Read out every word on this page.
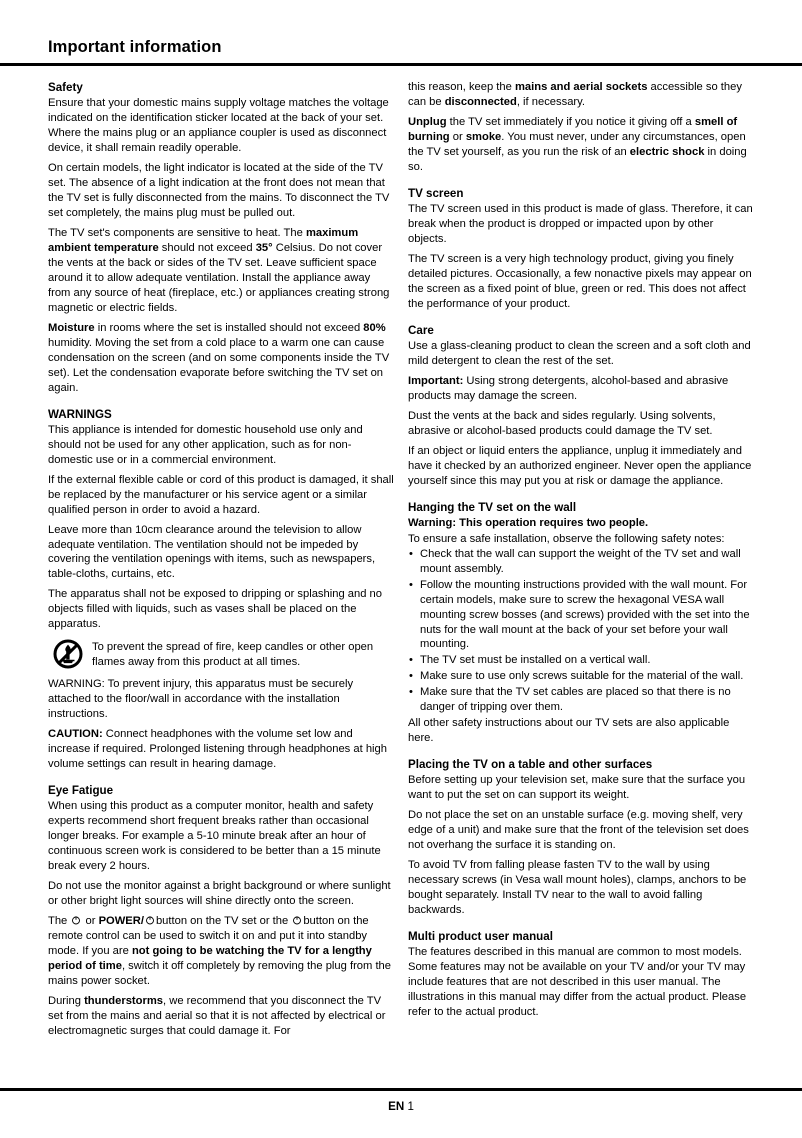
Important information
Safety

Ensure that your domestic mains supply voltage matches the voltage indicated on the identification sticker located at the back of your set. Where the mains plug or an appliance coupler is used as disconnect device, it shall remain readily operable.

On certain models, the light indicator is located at the side of the TV set. The absence of a light indication at the front does not mean that the TV set is fully disconnected from the mains. To disconnect the TV set completely, the mains plug must be pulled out.

The TV set's components are sensitive to heat. The maximum ambient temperature should not exceed 35° Celsius. Do not cover the vents at the back or sides of the TV set. Leave sufficient space around it to allow adequate ventilation. Install the appliance away from any source of heat (fireplace, etc.) or appliances creating strong magnetic or electric fields.

Moisture in rooms where the set is installed should not exceed 80% humidity. Moving the set from a cold place to a warm one can cause condensation on the screen (and on some components inside the TV set). Let the condensation evaporate before switching the TV set on again.

WARNINGS

This appliance is intended for domestic household use only and should not be used for any other application, such as for non-domestic use or in a commercial environment.

If the external flexible cable or cord of this product is damaged, it shall be replaced by the manufacturer or his service agent or a similar qualified person in order to avoid a hazard.

Leave more than 10cm clearance around the television to allow adequate ventilation. The ventilation should not be impeded by covering the ventilation openings with items, such as newspapers, table-cloths, curtains, etc.

The apparatus shall not be exposed to dripping or splashing and no objects filled with liquids, such as vases shall be placed on the apparatus.

To prevent the spread of fire, keep candles or other open flames away from this product at all times.

WARNING: To prevent injury, this apparatus must be securely attached to the floor/wall in accordance with the installation instructions.

CAUTION: Connect headphones with the volume set low and increase if required. Prolonged listening through headphones at high volume settings can result in hearing damage.

Eye Fatigue

When using this product as a computer monitor, health and safety experts recommend short frequent breaks rather than occasional longer breaks. For example a 5-10 minute break after an hour of continuous screen work is considered to be better than a 15 minute break every 2 hours.

Do not use the monitor against a bright background or where sunlight or other bright light sources will shine directly onto the screen.

The
or POWER/ button on the TV set or the
button on the remote control can be used to switch it on and put it into standby mode. If you are not going to be watching the TV for a lengthy period of time, switch it off completely by removing the plug from the mains power socket.

During thunderstorms, we recommend that you disconnect the TV set from the mains and aerial so that it is not affected by electrical or electromagnetic surges that could damage it. For

this reason, keep the mains and aerial sockets accessible so they can be disconnected, if necessary.

Unplug the TV set immediately if you notice it giving off a smell of burning or smoke. You must never, under any circumstances, open the TV set yourself, as you run the risk of an electric shock in doing so.

TV screen

The TV screen used in this product is made of glass. Therefore, it can break when the product is dropped or impacted upon by other objects.

The TV screen is a very high technology product, giving you finely detailed pictures. Occasionally, a few nonactive pixels may appear on the screen as a fixed point of blue, green or red. This does not affect the performance of your product.

Care

Use a glass-cleaning product to clean the screen and a soft cloth and mild detergent to clean the rest of the set.

Important: Using strong detergents, alcohol-based and abrasive products may damage the screen.

Dust the vents at the back and sides regularly. Using solvents, abrasive or alcohol-based products could damage the TV set.

If an object or liquid enters the appliance, unplug it immediately and have it checked by an authorized engineer. Never open the appliance yourself since this may put you at risk or damage the appliance.

Hanging the TV set on the wall
Warning: This operation requires two people.

To ensure a safe installation, observe the following safety notes:

• Check that the wall can support the weight of the TV set and wall mount assembly.
• Follow the mounting instructions provided with the wall mount. For certain models, make sure to screw the hexagonal VESA wall mounting screw bosses (and screws) provided with the set into the nuts for the wall mount at the back of your set before your wall mounting.
• The TV set must be installed on a vertical wall.
• Make sure to use only screws suitable for the material of the wall.
• Make sure that the TV set cables are placed so that there is no danger of tripping over them.

All other safety instructions about our TV sets are also applicable here.

Placing the TV on a table and other surfaces

Before setting up your television set, make sure that the surface you want to put the set on can support its weight.

Do not place the set on an unstable surface (e.g. moving shelf, very edge of a unit) and make sure that the front of the television set does not overhang the surface it is standing on.

To avoid TV from falling please fasten TV to the wall by using necessary screws (in Vesa wall mount holes), clamps, anchors to be bought separately. Install TV near to the wall to avoid falling backwards.

Multi product user manual

The features described in this manual are common to most models. Some features may not be available on your TV and/or your TV may include features that are not described in this user manual. The illustrations in this manual may differ from the actual product. Please refer to the actual product.

EN 1
